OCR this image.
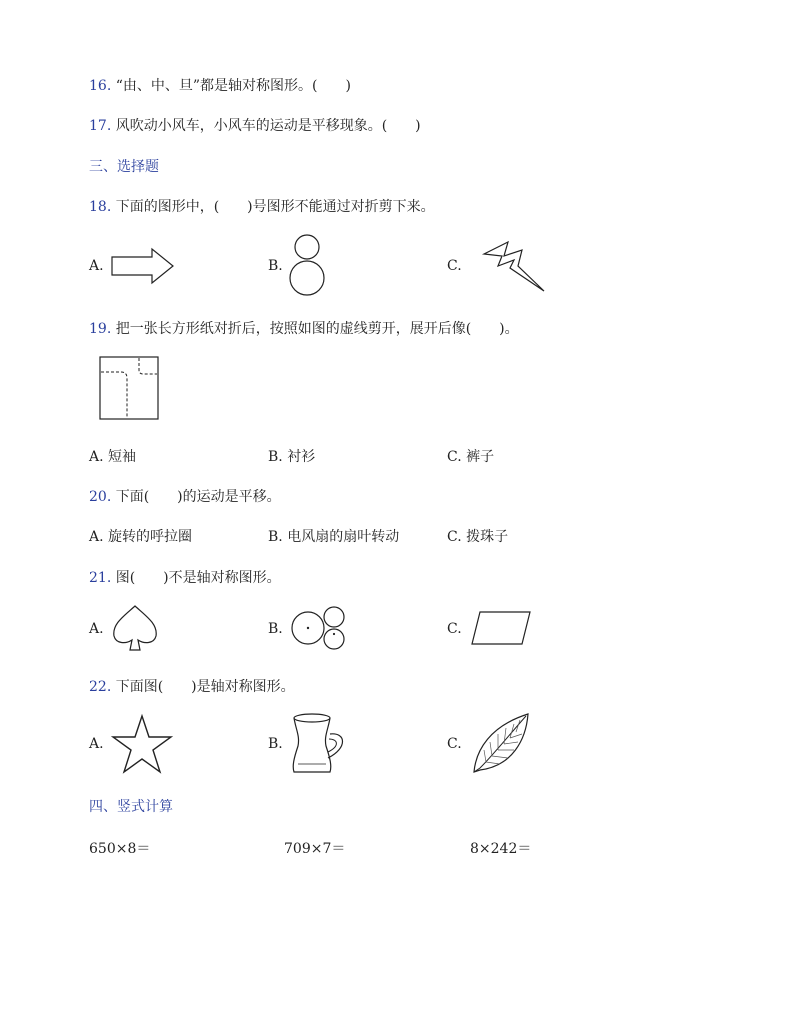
16. “由、中、旦”都是轴对称图形。(　　)
17. 风吹动小风车，小风车的运动是平移现象。(　　)
三、选择题
18. 下面的图形中，(　　)号图形不能通过对折剪下来。
A.	B.	C.
19. 把一张长方形纸对折后，按照如图的虚线剪开，展开后像(　　)。
A. 短袖	B. 衬衫	C. 裤子
20. 下面(　　)的运动是平移。
A. 旋转的呼拉圈	B. 电风扇的扇叶转动	C. 拨珠子
21. 图(　　)不是轴对称图形。
A.	B.	C.
22. 下面图(　　)是轴对称图形。
A.	B.	C.
四、竖式计算
650×8＝	709×7＝	8×242＝
